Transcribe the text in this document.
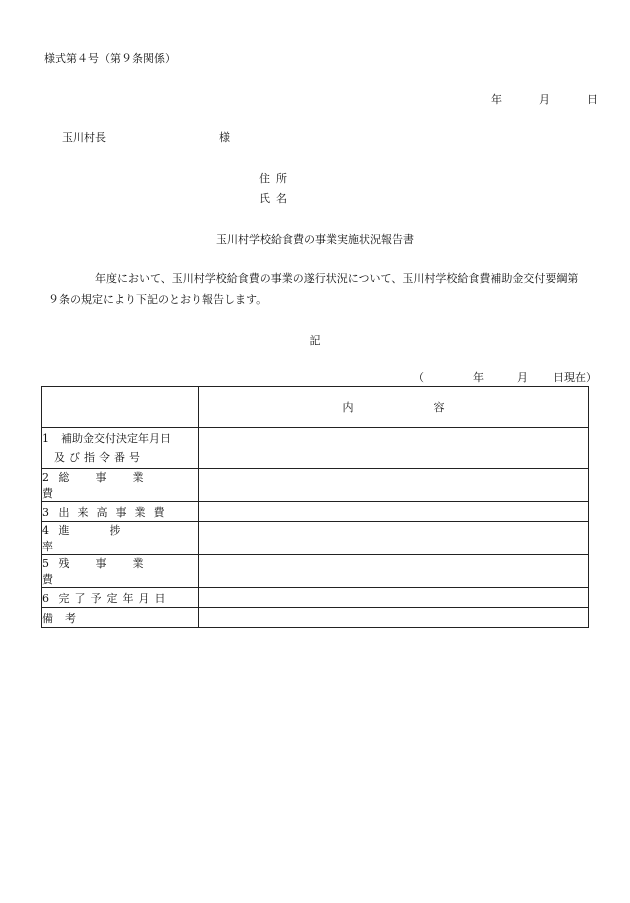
様式第４号（第９条関係）
年	月	日
玉川村長	様
住所
氏名
玉川村学校給食費の事業実施状況報告書
年度において、玉川村学校給食費の事業の遂行状況について、玉川村学校給食費補助金交付要綱第９条の規定により下記のとおり報告します。
記
（	年	月 日現在）
	内 容

1 補助金交付決定年月日
及び指令番号	

2 総事業費	
3 出来高事業費	
4 進捗率	
5 残事業費	
6 完了予定年月日	
備考	
